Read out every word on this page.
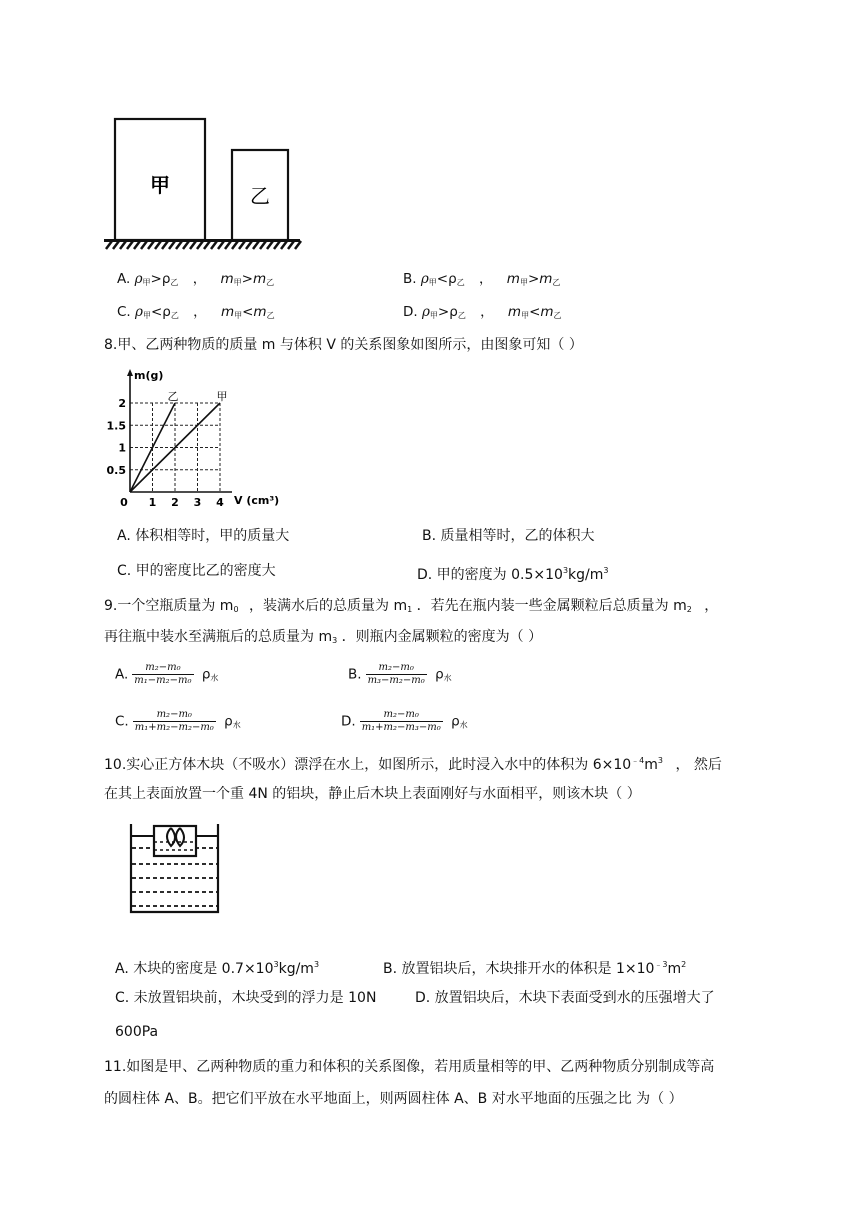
甲	乙
A. $\rho_甲>\rho_乙$ ， $m_甲>m_乙$	B. $\rho_甲<\rho_乙$ ， $m_甲>m_乙$
C. $\rho_甲<\rho_乙$ ， $m_甲<m_乙$	D. $\rho_甲>\rho_乙$ ， $m_甲<m_乙$
8.甲、乙两种物质的质量 m 与体积 V 的关系图象如图所示，由图象可知（ ）
乙	甲
0 1 2 3 4
0.5
1
1.5
2
m(g)
V (cm³)
A. 体积相等时，甲的质量大	B. 质量相等时，乙的体积大
C. 甲的密度比乙的密度大	D. 甲的密度为 $0.5\times 10^3kg/m^3$
9.一个空瓶质量为 $m_0$ ，装满水后的总质量为 $m_1$ ．若先在瓶内装一些金属颗粒后总质量为 $m_2$ ，
再往瓶中装水至满瓶后的总质量为 $m_3$ ．则瓶内金属颗粒的密度为（ ）
A. $\frac{\text{m₂−m₀}}{\text{m₁−m₂−m₀}} \rho_水$	B. $\frac{\text{m₂−m₀}}{\text{m₃−m₂−m₀}} \rho_水$
C. $\frac{\text{m₂−m₀}}{\text{m₁+m₂−m₂−m₀}} \rho_水$	D. $\frac{\text{m₂−m₀}}{\text{m₁+m₂−m₃−m₀}} \rho_水$
10.实心正方体木块（不吸水）漂浮在水上，如图所示，此时浸入水中的体积为 $6\times 10^{﹣4}m^3$ ， 然后
在其上表面放置一个重 4N 的铝块，静止后木块上表面刚好与水面相平，则该木块（ ）
A. 木块的密度是 $0.7\times 10^3kg/m^3$	B. 放置铝块后，木块排开水的体积是 $1\times 10^{﹣3}m^2$
C. 未放置铝块前，木块受到的浮力是 10N	D. 放置铝块后，木块下表面受到水的压强增大了
600Pa
11.如图是甲、乙两种物质的重力和体积的关系图像，若用质量相等的甲、乙两种物质分别制成等高
的圆柱体 A、B。把它们平放在水平地面上，则两圆柱体 A、B 对水平地面的压强之比 为（ ）
